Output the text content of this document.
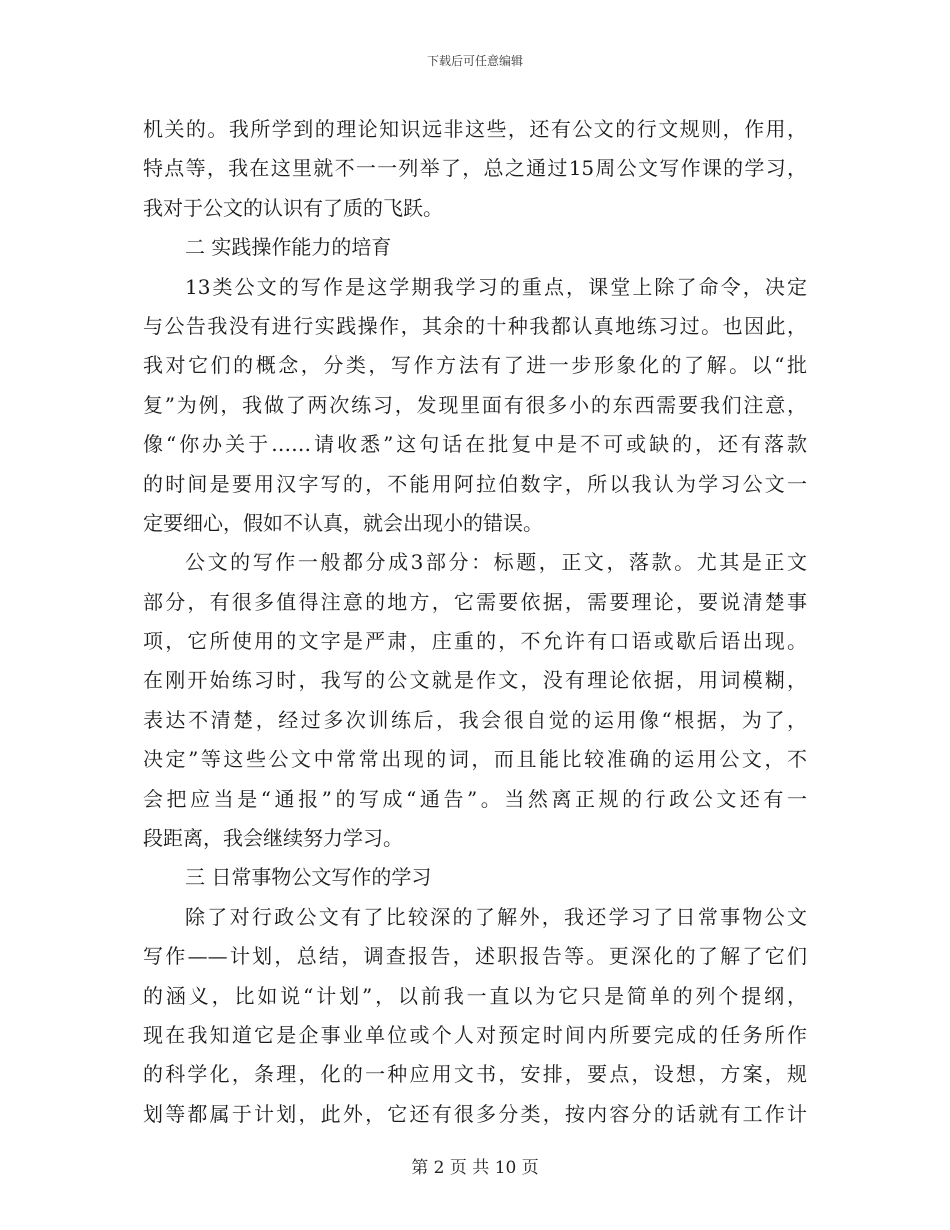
下载后可任意编辑
机关的。我所学到的理论知识远非这些，还有公文的行文规则，作用，
特点等，我在这里就不一一列举了，总之通过15周公文写作课的学习，
我对于公文的认识有了质的飞跃。
二 实践操作能力的培育
13类公文的写作是这学期我学习的重点，课堂上除了命令，决定
与公告我没有进行实践操作，其余的十种我都认真地练习过。也因此，
我对它们的概念，分类，写作方法有了进一步形象化的了解。以“批
复”为例，我做了两次练习，发现里面有很多小的东西需要我们注意，
像“你办关于……请收悉”这句话在批复中是不可或缺的，还有落款
的时间是要用汉字写的，不能用阿拉伯数字，所以我认为学习公文一
定要细心，假如不认真，就会出现小的错误。
公文的写作一般都分成3部分：标题，正文，落款。尤其是正文
部分，有很多值得注意的地方，它需要依据，需要理论，要说清楚事
项，它所使用的文字是严肃，庄重的，不允许有口语或歇后语出现。
在刚开始练习时，我写的公文就是作文，没有理论依据，用词模糊，
表达不清楚，经过多次训练后，我会很自觉的运用像“根据，为了，
决定”等这些公文中常常出现的词，而且能比较准确的运用公文，不
会把应当是“通报”的写成“通告”。当然离正规的行政公文还有一
段距离，我会继续努力学习。
三 日常事物公文写作的学习
除了对行政公文有了比较深的了解外，我还学习了日常事物公文
写作——计划，总结，调查报告，述职报告等。更深化的了解了它们
的涵义，比如说“计划”，以前我一直以为它只是简单的列个提纲，
现在我知道它是企事业单位或个人对预定时间内所要完成的任务所作
的科学化，条理，化的一种应用文书，安排，要点，设想，方案，规
划等都属于计划，此外，它还有很多分类，按内容分的话就有工作计
第 2 页 共 10 页
